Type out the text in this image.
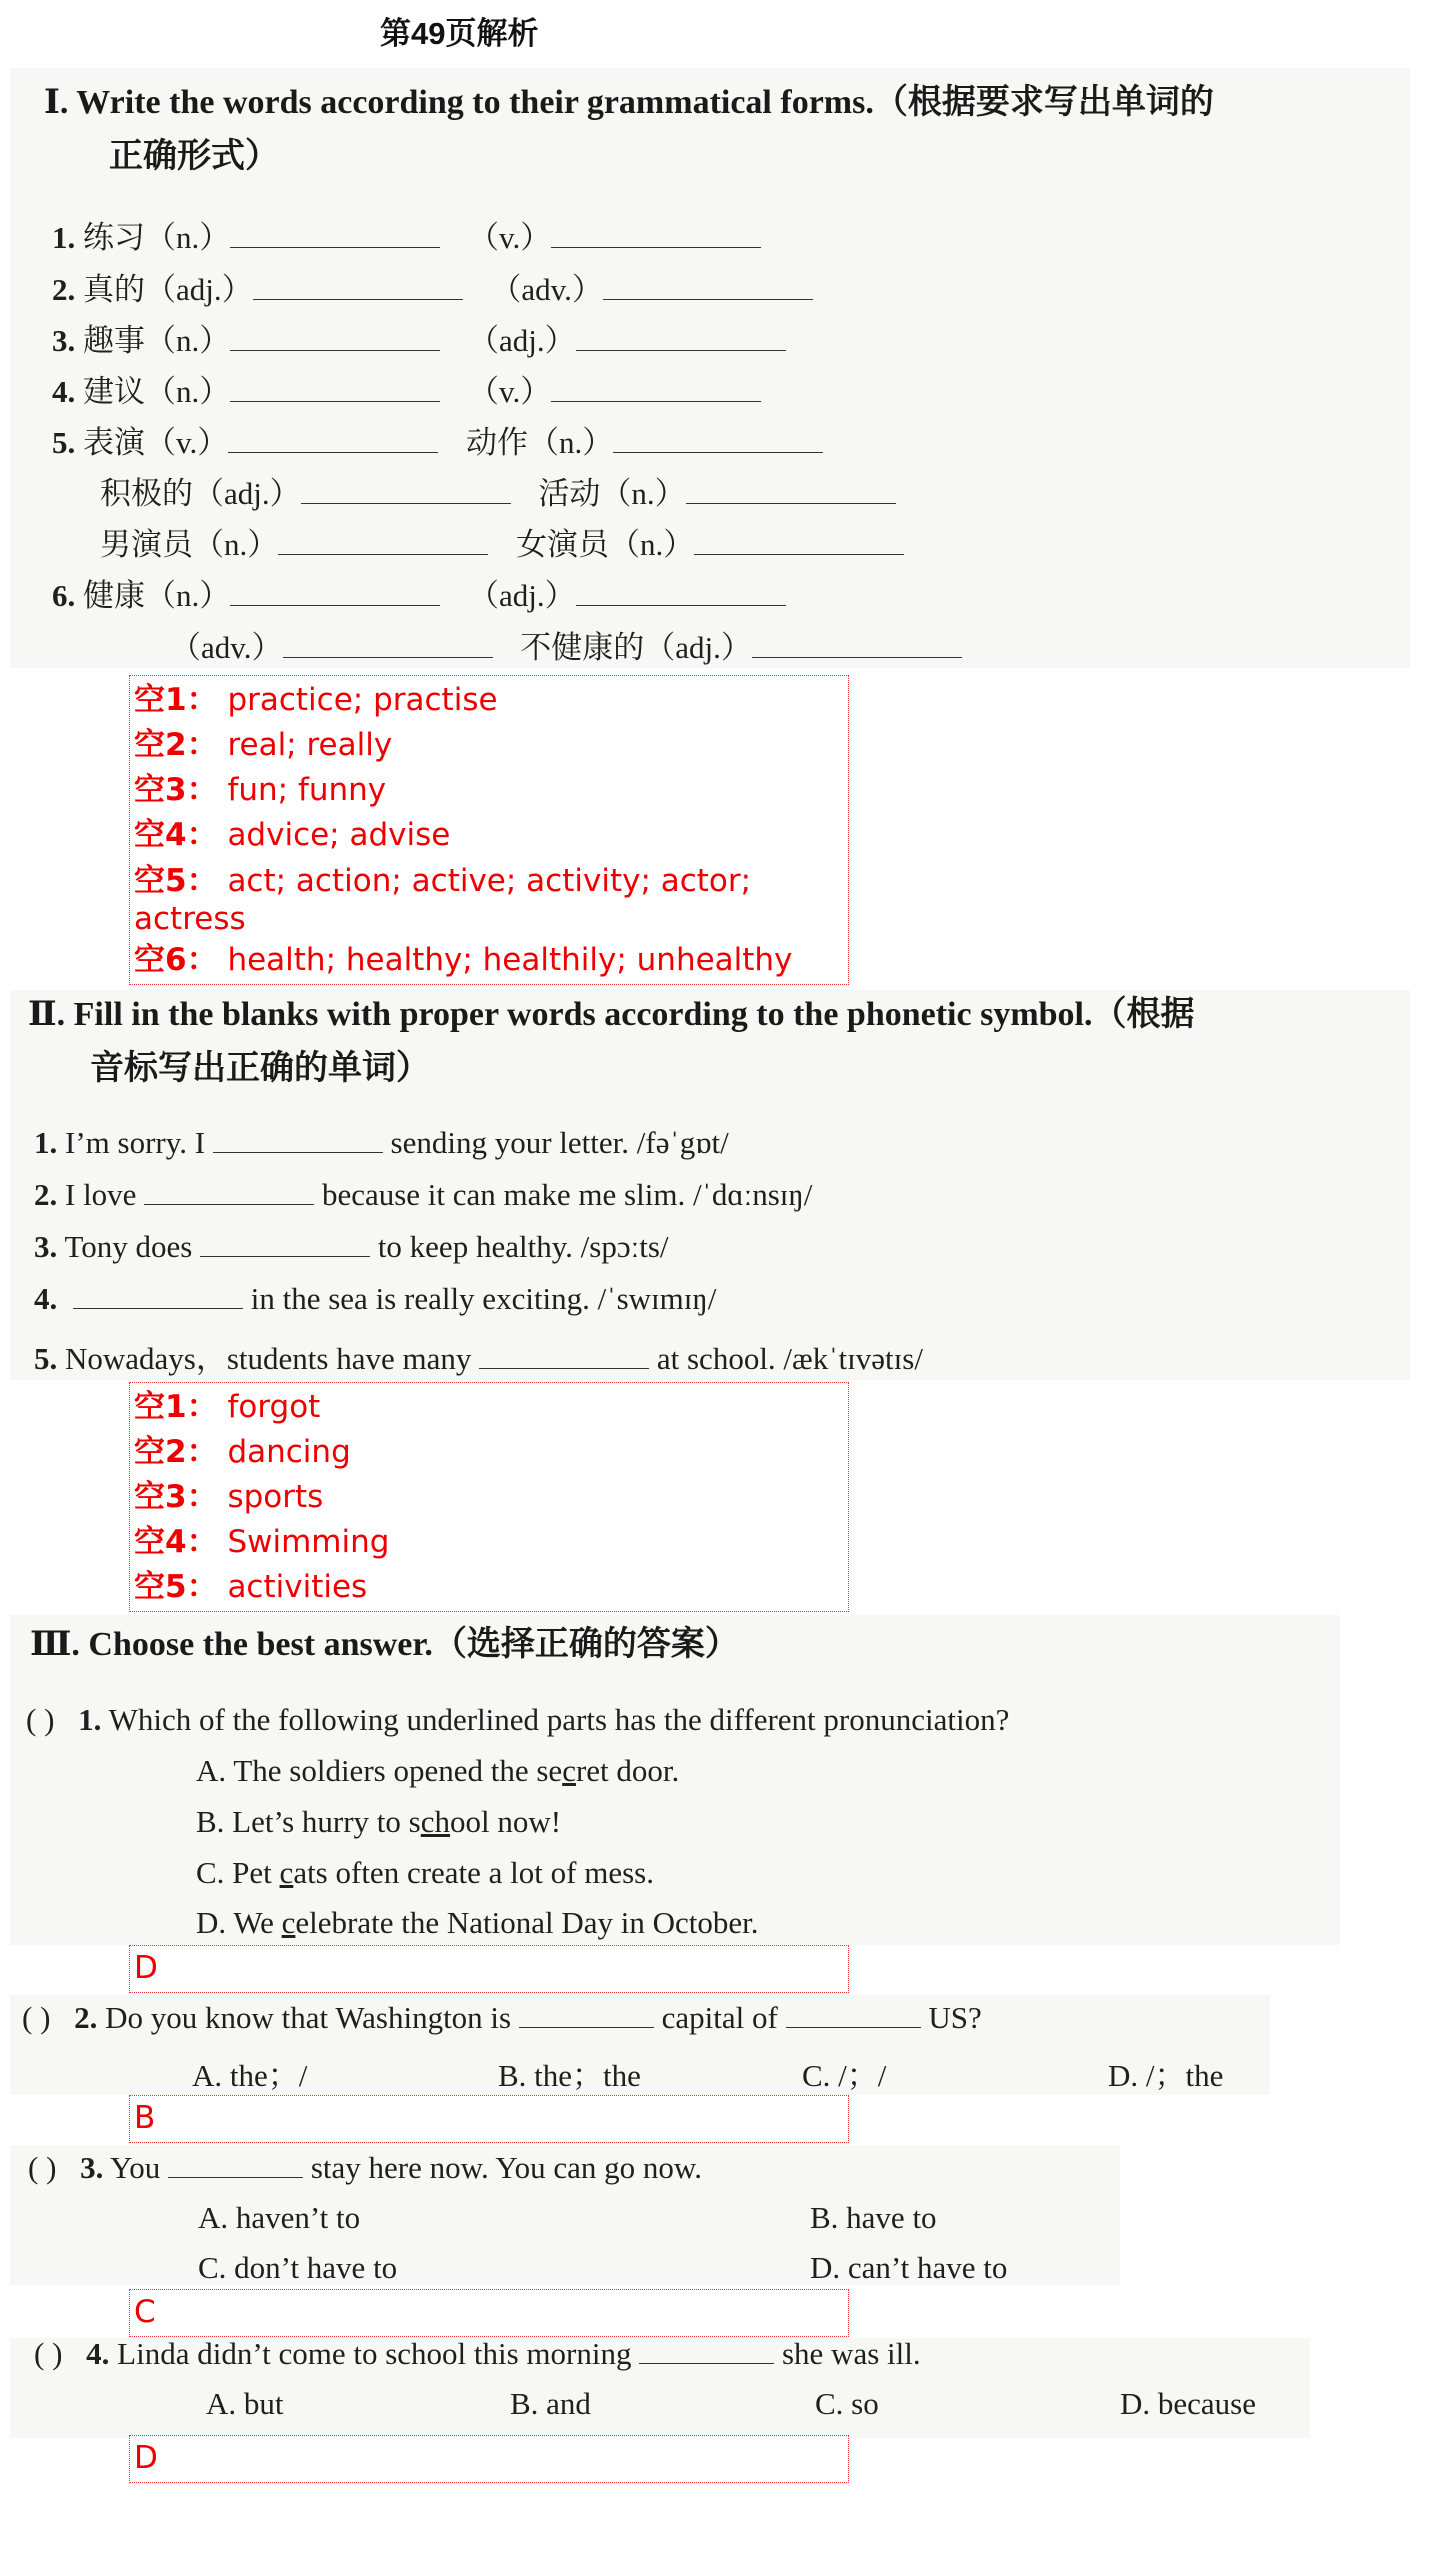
第49页解析
Ⅰ. Write the words according to their grammatical forms.（根据要求写出单词的
正确形式）
1. 练习（n.）	（v.）
2. 真的（adj.）	（adv.）
3. 趣事（n.）	（adj.）
4. 建议（n.）	（v.）
5. 表演（v.）	动作（n.）
积极的（adj.）	活动（n.）
男演员（n.）	女演员（n.）
6. 健康（n.）	（adj.）
（adv.）	不健康的（adj.）
空1： practice; practise
空2： real; really
空3： fun; funny
空4： advice; advise
空5： act; action; active; activity; actor; actress
空6： health; healthy; healthily; unhealthy
Ⅱ. Fill in the blanks with proper words according to the phonetic symbol.（根据
音标写出正确的单词）
1. I’m sorry. I	sending your letter. /fəˈgɒt/
2. I love	because it can make me slim. /ˈdɑːnsɪŋ/
3. Tony does	to keep healthy. /spɔːts/
4.	in the sea is really exciting. /ˈswɪmɪŋ/
5. Nowadays，students have many	at school. /ækˈtɪvətɪs/
空1： forgot
空2： dancing
空3： sports
空4： Swimming
空5： activities
Ⅲ. Choose the best answer.（选择正确的答案）
( ) 1. Which of the following underlined parts has the different pronunciation?
A. The soldiers opened the secret door.
B. Let’s hurry to school now!
C. Pet cats often create a lot of mess.
D. We celebrate the National Day in October.
D
( ) 2. Do you know that Washington is	capital of	US?
A. the；/	B. the；the	C. /；/	D. /；the
B
( ) 3. You	stay here now. You can go now.
A. haven’t to	B. have to
C. don’t have to	D. can’t have to
C
( ) 4. Linda didn’t come to school this morning	she was ill.
A. but	B. and	C. so	D. because
D
